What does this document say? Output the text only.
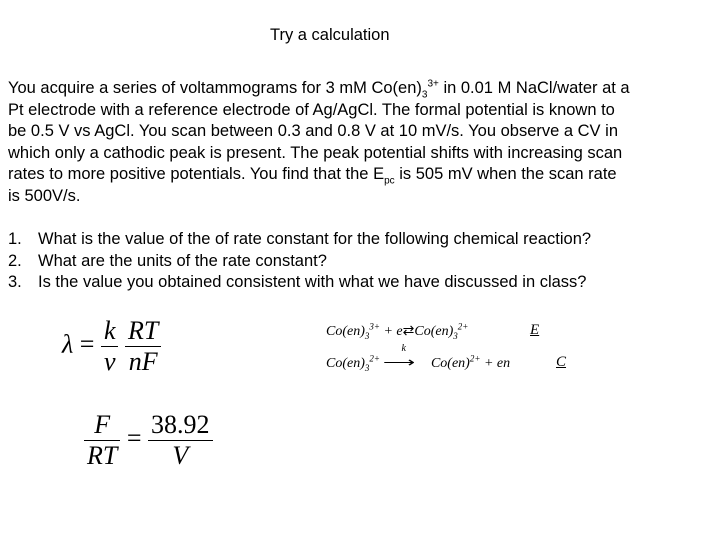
Try a calculation
You acquire a series of voltammograms for 3 mM $Co(en)_3^{3+}$ in 0.01 M NaCl/water at a
Pt electrode with a reference electrode of Ag/AgCl. The formal potential is known to
be 0.5 V vs AgCl. You scan between 0.3 and 0.8 V at 10 mV/s. You observe a CV in
which only a cathodic peak is present. The peak potential shifts with increasing scan
rates to more positive potentials. You find that the $E_{pc}$ is 505 mV when the scan rate
is 500V/s.
1. What is the value of the of rate constant for the following chemical reaction?
2. What are the units of the rate constant?
3. Is the value you obtained consistent with what we have discussed in class?
$\lambda = \frac{k}{v}$
$\frac{RT}{nF}$
$\frac{F}{RT} = \frac{38.92}{V}$
$Co(en)_3^{3+}$ + $e⇄Co(en)_3^{2+}$	E
$Co(en)_3^{2+}$
k
⟶ Co(en)$^{2+}$ + en	C
